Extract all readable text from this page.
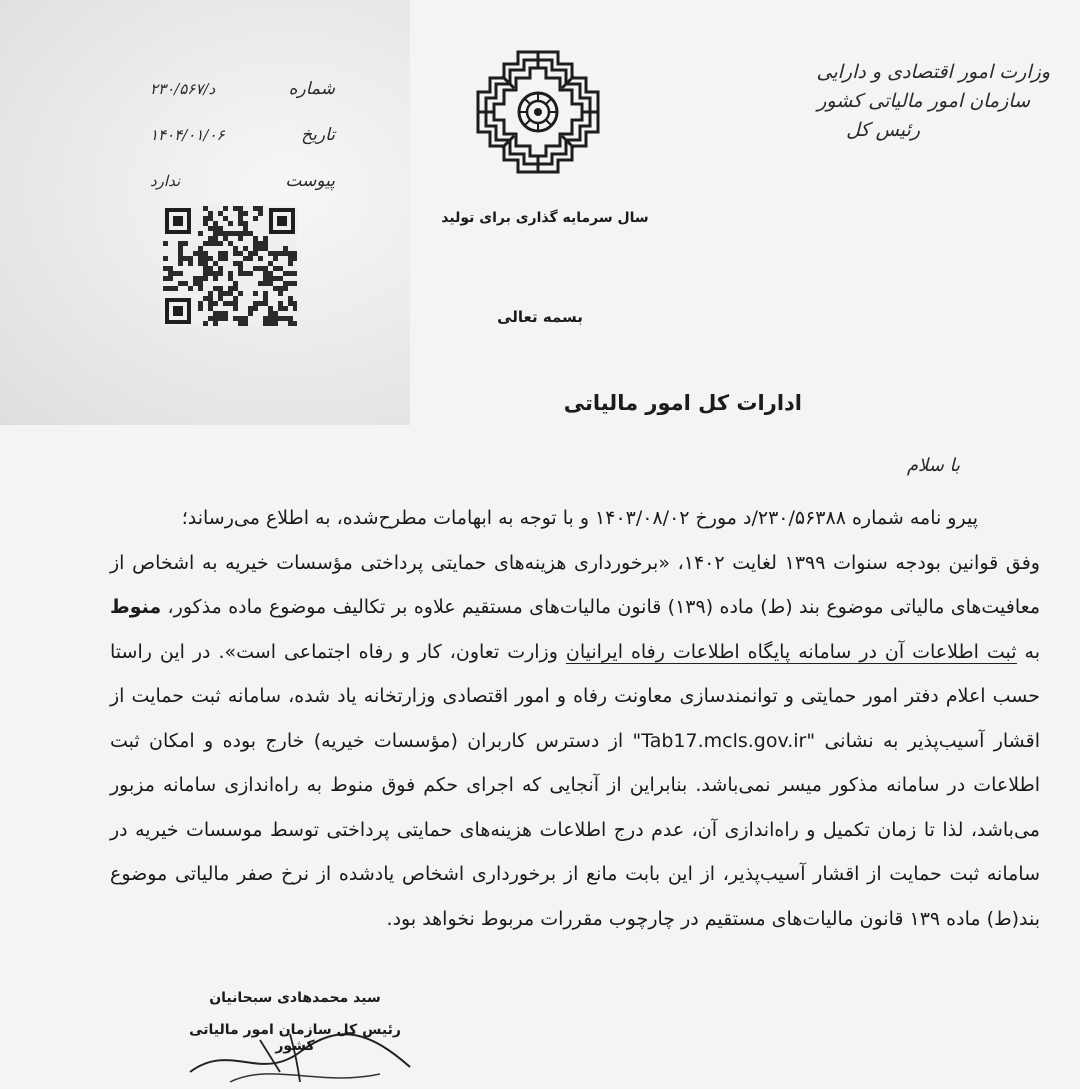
وزارت امور اقتصادی و دارایی
سازمان امور مالیاتی کشور
رئیس کل
سال سرمایه گذاری برای تولید
بسمه تعالی
۲۳۰/۵۶۷/د	شماره
۱۴۰۴/۰۱/۰۶	تاریخ
ندارد	پیوست
ادارات کل امور مالیاتی
با سلام

پیرو نامه شماره ۲۳۰/۵۶۳۸۸/د مورخ ۱۴۰۳/۰۸/۰۲ و با توجه به ابهامات مطرح‌شده، به اطلاع می‌رساند؛

وفق قوانین بودجه سنوات ۱۳۹۹ لغایت ۱۴۰۲، «برخورداری هزینه‌های حمایتی پرداختی مؤسسات خیریه به اشخاص از معافیت‌های مالیاتی موضوع بند (ط) ماده (۱۳۹) قانون مالیات‌های مستقیم علاوه بر تکالیف موضوع ماده مذکور، منوط به ثبت اطلاعات آن در سامانه پایگاه اطلاعات رفاه ایرانیان وزارت تعاون، کار و رفاه اجتماعی است». در این راستا حسب اعلام دفتر امور حمایتی و توانمندسازی معاونت رفاه و امور اقتصادی وزارتخانه یاد شده، سامانه ثبت حمایت از اقشار آسیب‌پذیر به نشانی "Tab17.mcls.gov.ir" از دسترس کاربران (مؤسسات خیریه) خارج بوده و امکان ثبت اطلاعات در سامانه مذکور میسر نمی‌باشد. بنابراین از آنجایی که اجرای حکم فوق منوط به راه‌اندازی سامانه مزبور می‌باشد، لذا تا زمان تکمیل و راه‌اندازی آن، عدم درج اطلاعات هزینه‌های حمایتی پرداختی توسط موسسات خیریه در سامانه ثبت حمایت از اقشار آسیب‌پذیر، از این بابت مانع از برخورداری اشخاص یادشده از نرخ صفر مالیاتی موضوع بند(ط) ماده ۱۳۹ قانون مالیات‌های مستقیم در چارچوب مقررات مربوط نخواهد بود.

سید محمدهادی سبحانیان
رئیس کل سازمان امور مالیاتی کشور
